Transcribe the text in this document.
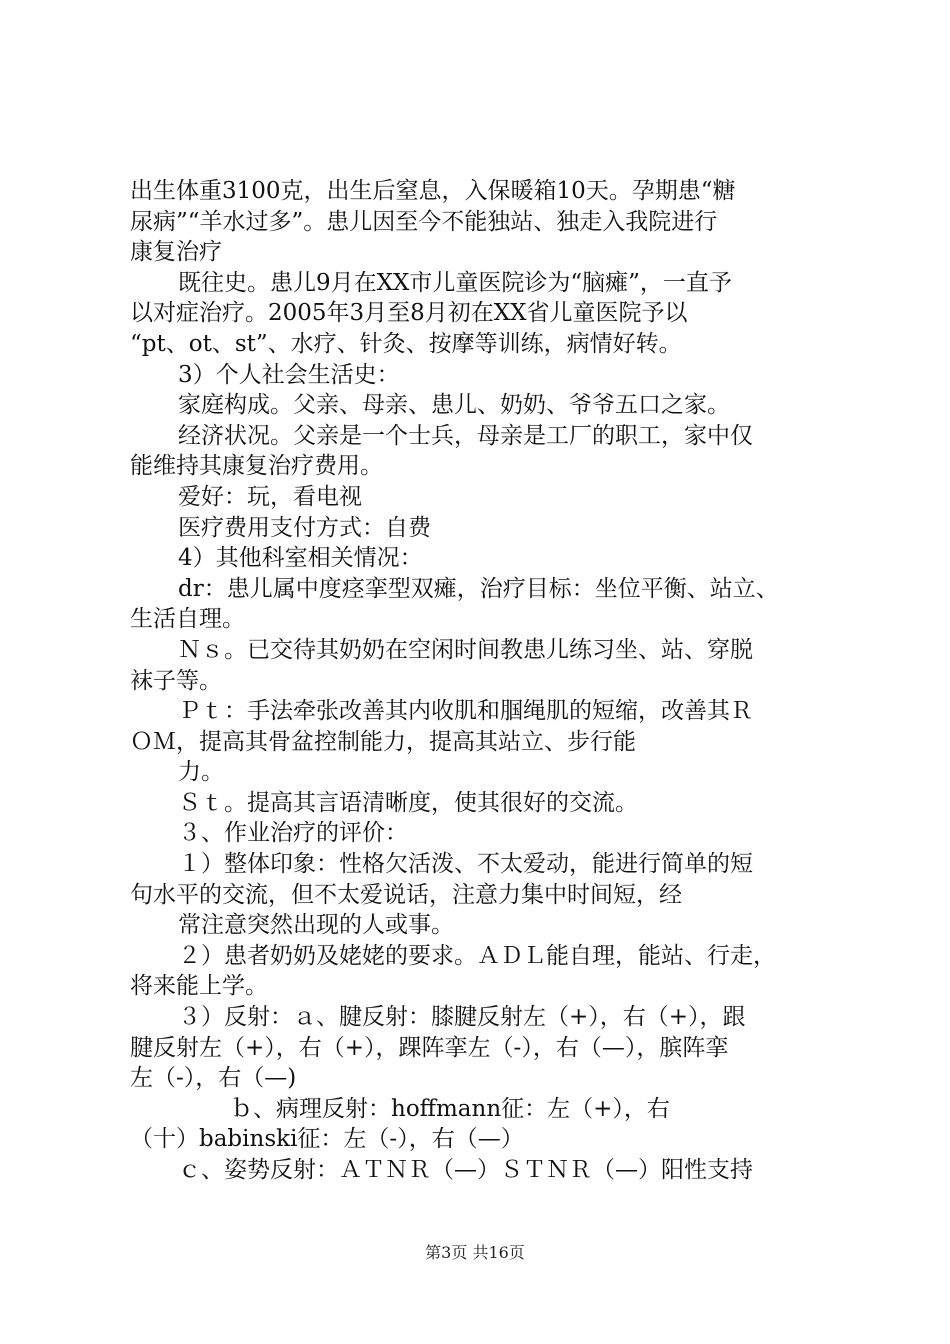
出生体重3100克，出生后窒息，入保暖箱10天。孕期患“糖
尿病”“羊水过多”。患儿因至今不能独站、独走入我院进行
康复治疗
既往史。患儿9月在XX市儿童医院诊为“脑瘫”，一直予
以对症治疗。2005年3月至8月初在XX省儿童医院予以
“pt、ot、st”、水疗、针灸、按摩等训练，病情好转。
3）个人社会生活史：
家庭构成。父亲、母亲、患儿、奶奶、爷爷五口之家。
经济状况。父亲是一个士兵，母亲是工厂的职工，家中仅
能维持其康复治疗费用。
爱好：玩，看电视
医疗费用支付方式：自费
4）其他科室相关情况：
dr：患儿属中度痉挛型双瘫，治疗目标：坐位平衡、站立、
生活自理。
Ｎｓ。已交待其奶奶在空闲时间教患儿练习坐、站、穿脱
袜子等。
Ｐｔ：手法牵张改善其内收肌和腘绳肌的短缩，改善其Ｒ
ＯＭ，提高其骨盆控制能力，提高其站立、步行能
力。
Ｓｔ。提高其言语清晰度，使其很好的交流。
３、作业治疗的评价：
１）整体印象：性格欠活泼、不太爱动，能进行简单的短
句水平的交流，但不太爱说话，注意力集中时间短，经
常注意突然出现的人或事。
２）患者奶奶及姥姥的要求。ＡＤＬ能自理，能站、行走，
将来能上学。
３）反射：ａ、腱反射：膝腱反射左（+），右（+），跟
腱反射左（+），右（+），踝阵挛左（-），右（—），膑阵挛
左（-），右（—)
ｂ、病理反射：hoffmann征：左（+），右
（十）babinski征：左（-），右（—）
ｃ、姿势反射：ＡＴＮＲ（—）ＳＴＮＲ（—）阳性支持
第3页 共16页
